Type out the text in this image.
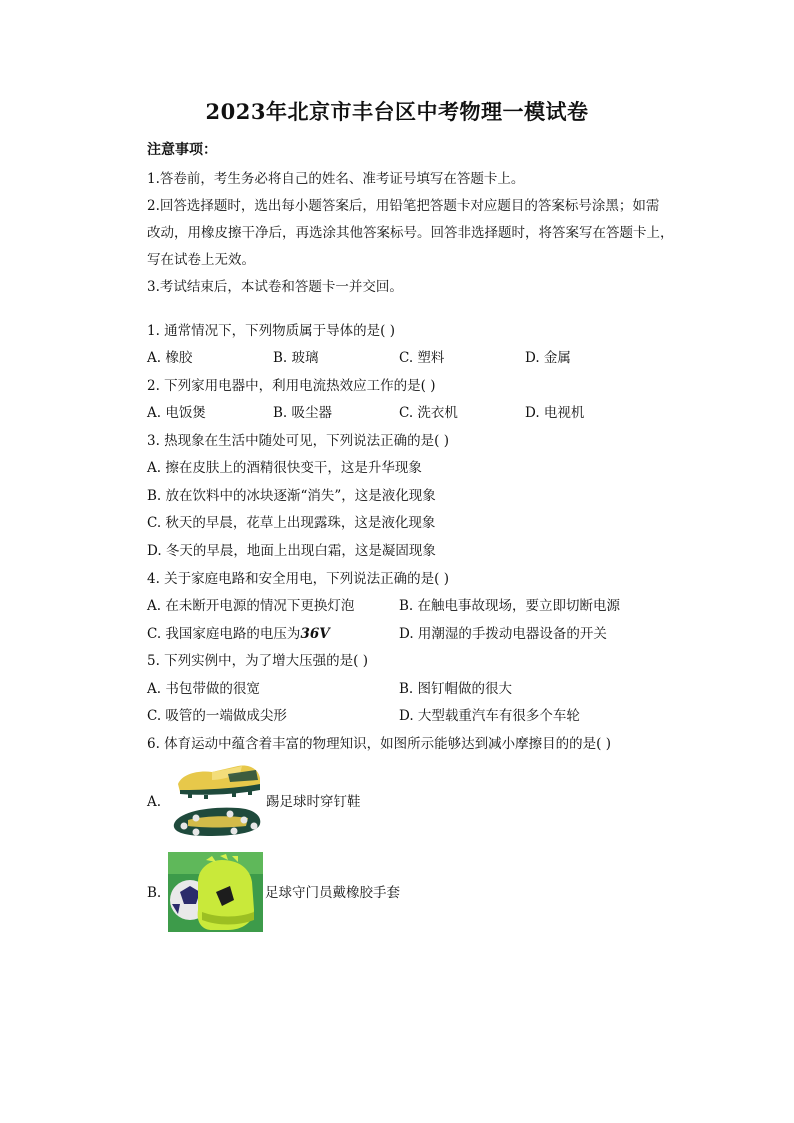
2023年北京市丰台区中考物理一模试卷
注意事项：
1.答卷前，考生务必将自己的姓名、准考证号填写在答题卡上。
2.回答选择题时，选出每小题答案后，用铅笔把答题卡对应题目的答案标号涂黑；如需
改动，用橡皮擦干净后，再选涂其他答案标号。回答非选择题时，将答案写在答题卡上，
写在试卷上无效。
3.考试结束后，本试卷和答题卡一并交回。
1. 通常情况下，下列物质属于导体的是( )
A. 橡胶	B. 玻璃	C. 塑料	D. 金属
2. 下列家用电器中，利用电流热效应工作的是( )
A. 电饭煲	B. 吸尘器	C. 洗衣机	D. 电视机
3. 热现象在生活中随处可见，下列说法正确的是( )
A. 擦在皮肤上的酒精很快变干，这是升华现象
B. 放在饮料中的冰块逐渐“消失”，这是液化现象
C. 秋天的早晨，花草上出现露珠，这是液化现象
D. 冬天的早晨，地面上出现白霜，这是凝固现象
4. 关于家庭电路和安全用电，下列说法正确的是( )
A. 在未断开电源的情况下更换灯泡	B. 在触电事故现场，要立即切断电源
C. 我国家庭电路的电压为36V	D. 用潮湿的手拨动电器设备的开关
5. 下列实例中，为了增大压强的是( )
A. 书包带做的很宽	B. 图钉帽做的很大
C. 吸管的一端做成尖形	D. 大型载重汽车有很多个车轮
6. 体育运动中蕴含着丰富的物理知识，如图所示能够达到减小摩擦目的的是( )
A.	踢足球时穿钉鞋
B.	足球守门员戴橡胶手套
